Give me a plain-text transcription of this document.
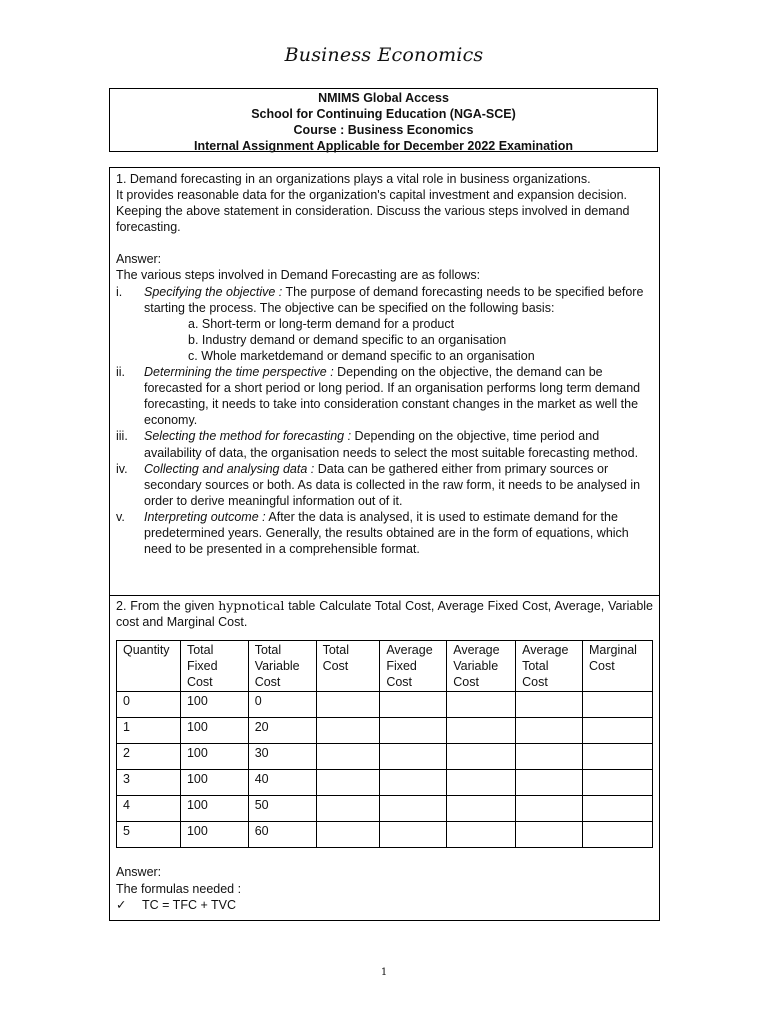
Business Economics

NMIMS Global Access

School for Continuing Education (NGA-SCE)

Course : Business Economics

Internal Assignment Applicable for December 2022 Examination

1. Demand forecasting in an organizations plays a vital role in business organizations.

It provides reasonable data for the organization's capital investment and expansion decision.

Keeping the above statement in consideration. Discuss the various steps involved in demand forecasting.

Answer:

The various steps involved in Demand Forecasting are as follows:

i.	Specifying the objective : The purpose of demand forecasting needs to be specified before starting the process. The objective can be specified on the following basis:

a. Short-term or long-term demand for a product

b. Industry demand or demand specific to an organisation

c. Whole marketdemand or demand specific to an organisation

ii.	Determining the time perspective : Depending on the objective, the demand can be forecasted for a short period or long period. If an organisation performs long term demand forecasting, it needs to take into consideration constant changes in the market as well the economy.
iii.	Selecting the method for forecasting : Depending on the objective, time period and availability of data, the organisation needs to select the most suitable forecasting method.
iv.	Collecting and analysing data : Data can be gathered either from primary sources or secondary sources or both. As data is collected in the raw form, it needs to be analysed in order to derive meaningful information out of it.
v.	Interpreting outcome : After the data is analysed, it is used to estimate demand for the predetermined years. Generally, the results obtained are in the form of equations, which need to be presented in a comprehensible format.

2. From the given hypnotical table Calculate Total Cost, Average Fixed Cost, Average, Variable cost and Marginal Cost.

Quantity	Total Fixed Cost	Total Variable Cost	Total Cost	Average Fixed Cost	Average Variable Cost	Average Total Cost	Marginal Cost
0	100	0					
1	100	20					
2	100	30					
3	100	40					
4	100	50					
5	100	60					

Answer:

The formulas needed :

✓	TC = TFC + TVC
1
